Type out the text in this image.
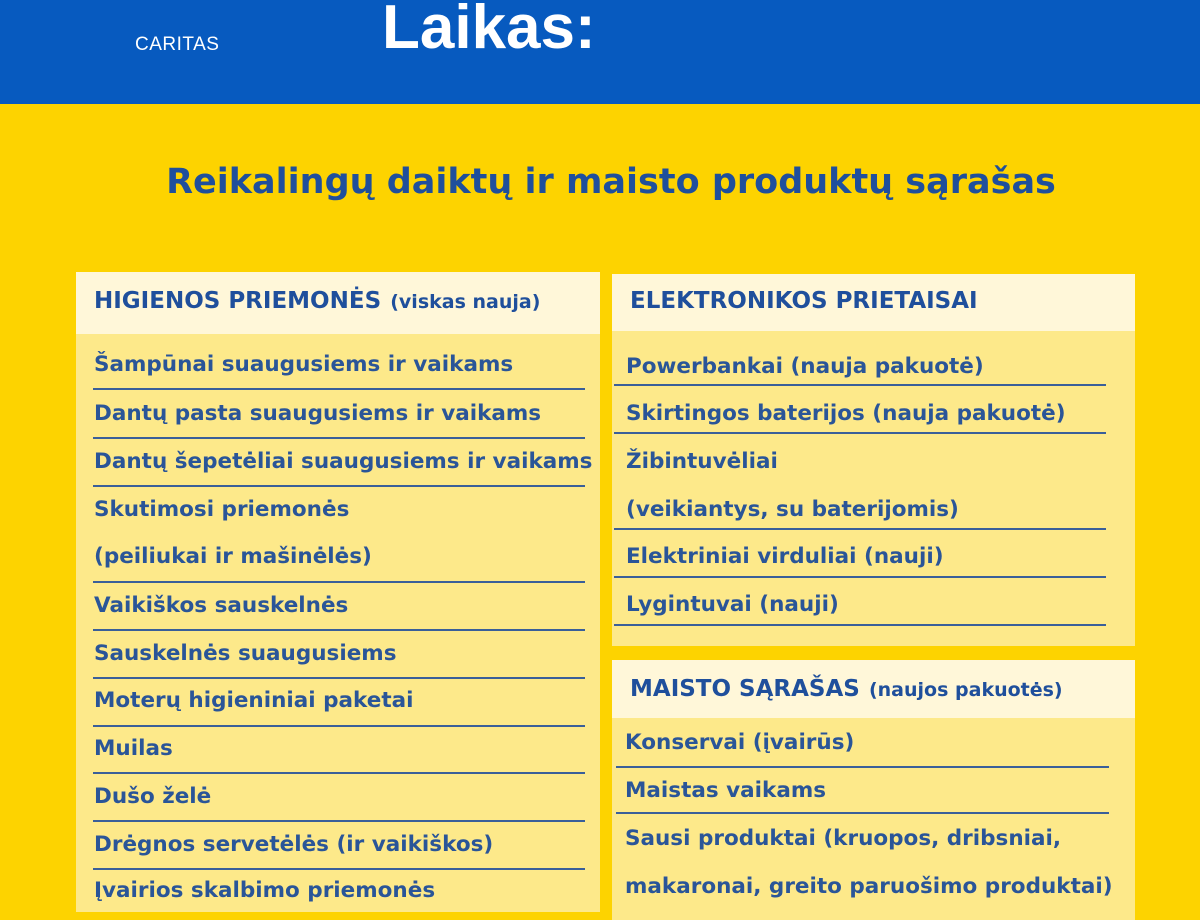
CARITAS	Laikas:
Reikalingų daiktų ir maisto produktų sąrašas
HIGIENOS PRIEMONĖS (viskas nauja)
Šampūnai suaugusiems ir vaikams
Dantų pasta suaugusiems ir vaikams
Dantų šepetėliai suaugusiems ir vaikams
Skutimosi priemonės
(peiliukai ir mašinėlės)
Vaikiškos sauskelnės
Sauskelnės suaugusiems
Moterų higieniniai paketai
Muilas
Dušo želė
Drėgnos servetėlės (ir vaikiškos)
Įvairios skalbimo priemonės
ELEKTRONIKOS PRIETAISAI
Powerbankai (nauja pakuotė)
Skirtingos baterijos (nauja pakuotė)
Žibintuvėliai
(veikiantys, su baterijomis)
Elektriniai virduliai (nauji)
Lygintuvai (nauji)
MAISTO SĄRAŠAS (naujos pakuotės)
Konservai (įvairūs)
Maistas vaikams
Sausi produktai (kruopos, dribsniai,
makaronai, greito paruošimo produktai)
